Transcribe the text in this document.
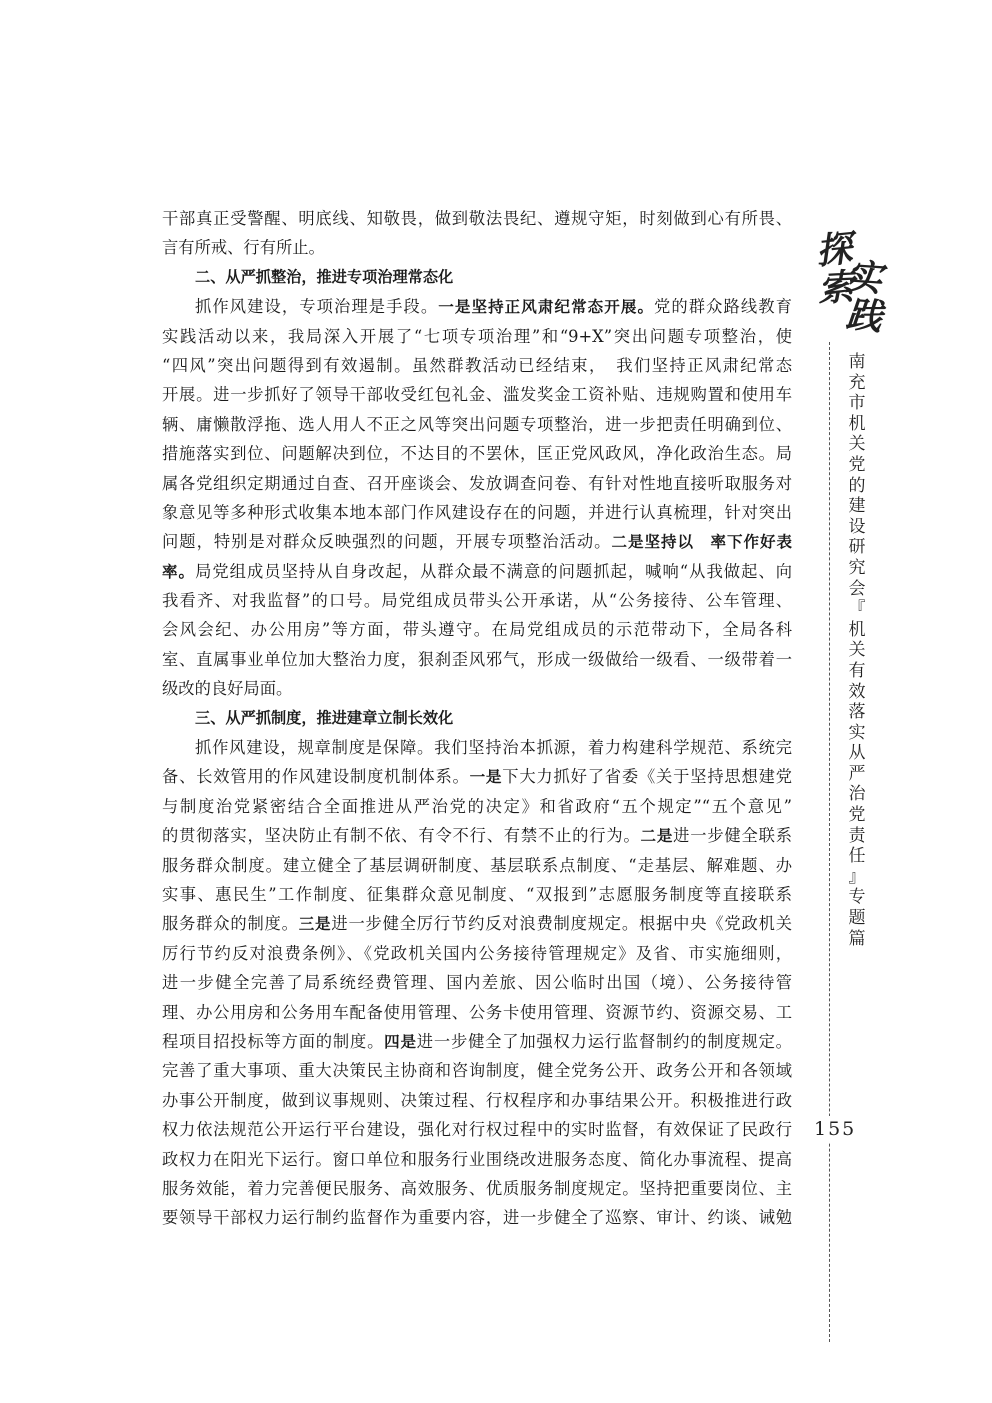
干部真正受警醒、明底线、知敬畏，做到敬法畏纪、遵规守矩，时刻做到心有所畏、
言有所戒、行有所止。
二、从严抓整治，推进专项治理常态化
抓作风建设，专项治理是手段。一是坚持正风肃纪常态开展。党的群众路线教育
实践活动以来，我局深入开展了“七项专项治理”和“9+X”突出问题专项整治，使
“四风”突出问题得到有效遏制。虽然群教活动已经结束，　我们坚持正风肃纪常态
开展。进一步抓好了领导干部收受红包礼金、滥发奖金工资补贴、违规购置和使用车
辆、庸懒散浮拖、选人用人不正之风等突出问题专项整治，进一步把责任明确到位、
措施落实到位、问题解决到位，不达目的不罢休，匡正党风政风，净化政治生态。局
属各党组织定期通过自查、召开座谈会、发放调查问卷、有针对性地直接听取服务对
象意见等多种形式收集本地本部门作风建设存在的问题，并进行认真梳理，针对突出
问题，特别是对群众反映强烈的问题，开展专项整治活动。二是坚持以　率下作好表
率。局党组成员坚持从自身改起，从群众最不满意的问题抓起，喊响“从我做起、向
我看齐、对我监督”的口号。局党组成员带头公开承诺，从“公务接待、公车管理、
会风会纪、办公用房”等方面，带头遵守。在局党组成员的示范带动下，全局各科
室、直属事业单位加大整治力度，狠刹歪风邪气，形成一级做给一级看、一级带着一
级改的良好局面。
三、从严抓制度，推进建章立制长效化
抓作风建设，规章制度是保障。我们坚持治本抓源，着力构建科学规范、系统完
备、长效管用的作风建设制度机制体系。一是下大力抓好了省委《关于坚持思想建党
与制度治党紧密结合全面推进从严治党的决定》和省政府“五个规定”“五个意见”
的贯彻落实，坚决防止有制不依、有令不行、有禁不止的行为。二是进一步健全联系
服务群众制度。建立健全了基层调研制度、基层联系点制度、“走基层、解难题、办
实事、惠民生”工作制度、征集群众意见制度、“双报到”志愿服务制度等直接联系
服务群众的制度。三是进一步健全厉行节约反对浪费制度规定。根据中央《党政机关
厉行节约反对浪费条例》、《党政机关国内公务接待管理规定》及省、市实施细则，
进一步健全完善了局系统经费管理、国内差旅、因公临时出国（境）、公务接待管
理、办公用房和公务用车配备使用管理、公务卡使用管理、资源节约、资源交易、工
程项目招投标等方面的制度。四是进一步健全了加强权力运行监督制约的制度规定。
完善了重大事项、重大决策民主协商和咨询制度，健全党务公开、政务公开和各领域
办事公开制度，做到议事规则、决策过程、行权程序和办事结果公开。积极推进行政
权力依法规范公开运行平台建设，强化对行权过程中的实时监督，有效保证了民政行
政权力在阳光下运行。窗口单位和服务行业围绕改进服务态度、简化办事流程、提高
服务效能，着力完善便民服务、高效服务、优质服务制度规定。坚持把重要岗位、主
要领导干部权力运行制约监督作为重要内容，进一步健全了巡察、审计、约谈、诫勉
探
实
索
践
南
充
市
机
关
党
的
建
设
研
究
会
『
机
关
有
效
落
实
从
严
治
党
责
任
』
专
题
篇
155
